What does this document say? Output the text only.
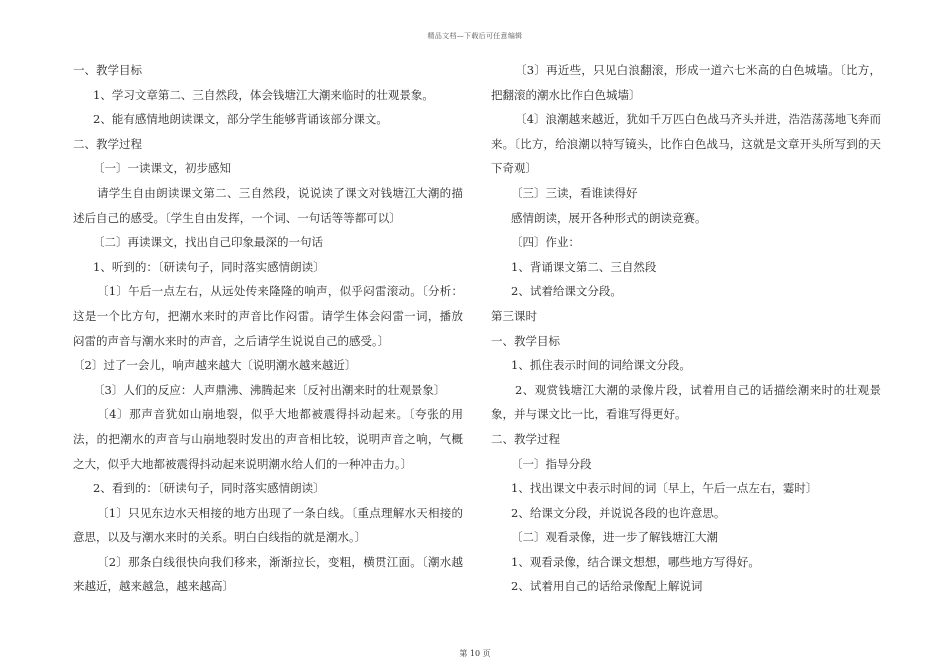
精品文档—下载后可任意编辑

一、教学目标

1、学习文章第二、三自然段，体会钱塘江大潮来临时的壮观景象。

2、能有感情地朗读课文，部分学生能够背诵该部分课文。

二、教学过程

〔一〕一读课文，初步感知

请学生自由朗读课文第二、三自然段，说说读了课文对钱塘江大潮的描述后自己的感受。〔学生自由发挥，一个词、一句话等等都可以〕

〔二〕再读课文，找出自己印象最深的一句话

1、听到的：〔研读句子，同时落实感情朗读〕

〔1〕午后一点左右，从远处传来隆隆的响声，似乎闷雷滚动。〔分析：这是一个比方句，把潮水来时的声音比作闷雷。请学生体会闷雷一词，播放闷雷的声音与潮水来时的声音，之后请学生说说自己的感受。〕

〔2〕过了一会儿，响声越来越大〔说明潮水越来越近〕

〔3〕人们的反应：人声鼎沸、沸腾起来〔反衬出潮来时的壮观景象〕

〔4〕那声音犹如山崩地裂，似乎大地都被震得抖动起来。〔夸张的用法，的把潮水的声音与山崩地裂时发出的声音相比较，说明声音之响，气概之大，似乎大地都被震得抖动起来说明潮水给人们的一种冲击力。〕

2、看到的：〔研读句子，同时落实感情朗读〕

〔1〕只见东边水天相接的地方出现了一条白线。〔重点理解水天相接的意思，以及与潮水来时的关系。明白白线指的就是潮水。〕

〔2〕那条白线很快向我们移来，渐渐拉长，变粗，横贯江面。〔潮水越来越近，越来越急，越来越高〕

〔3〕再近些，只见白浪翻滚，形成一道六七米高的白色城墙。〔比方，把翻滚的潮水比作白色城墙〕

〔4〕浪潮越来越近，犹如千万匹白色战马齐头并进，浩浩荡荡地飞奔而来。〔比方，给浪潮以特写镜头，比作白色战马，这就是文章开头所写到的天下奇观〕

〔三〕三读，看谁读得好

感情朗读，展开各种形式的朗读竞赛。

〔四〕作业：

1、背诵课文第二、三自然段

2、试着给课文分段。

第三课时

一、教学目标

1、抓住表示时间的词给课文分段。

2、观赏钱塘江大潮的录像片段，试着用自己的话描绘潮来时的壮观景象，并与课文比一比，看谁写得更好。

二、教学过程

〔一〕指导分段

1、找出课文中表示时间的词〔早上，午后一点左右，霎时〕

2、给课文分段，并说说各段的也许意思。

〔二〕观看录像，进一步了解钱塘江大潮

1、观看录像，结合课文想想，哪些地方写得好。

2、试着用自己的话给录像配上解说词

第 10 页
